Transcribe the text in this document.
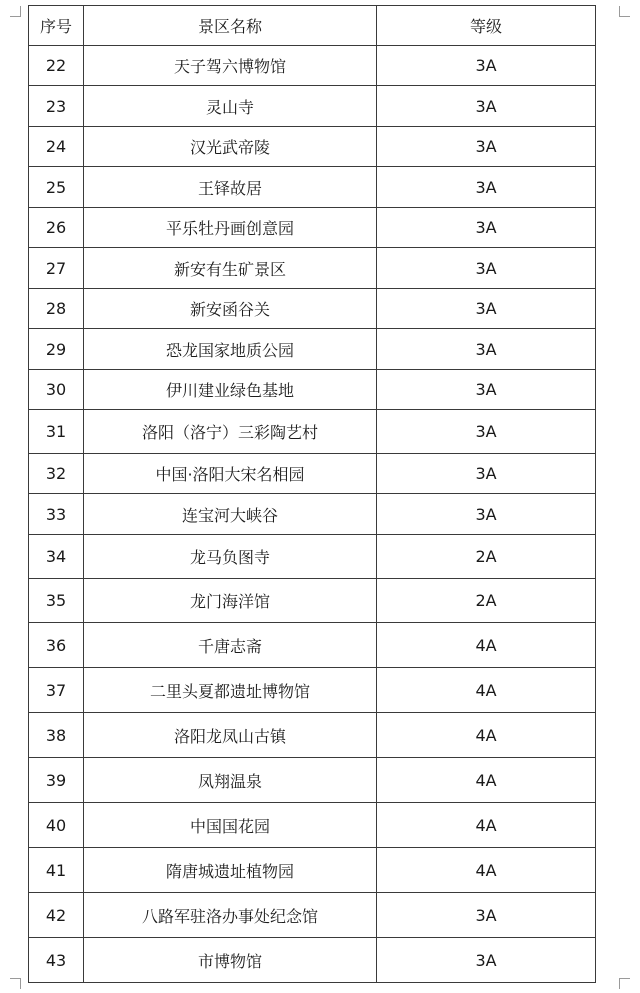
序号	景区名称	等级
22	天子驾六博物馆	3A
23	灵山寺	3A
24	汉光武帝陵	3A
25	王铎故居	3A
26	平乐牡丹画创意园	3A
27	新安有生矿景区	3A
28	新安函谷关	3A
29	恐龙国家地质公园	3A
30	伊川建业绿色基地	3A
31	洛阳（洛宁）三彩陶艺村	3A
32	中国·洛阳大宋名相园	3A
33	连宝河大峡谷	3A
34	龙马负图寺	2A
35	龙门海洋馆	2A
36	千唐志斋	4A
37	二里头夏都遗址博物馆	4A
38	洛阳龙凤山古镇	4A
39	凤翔温泉	4A
40	中国国花园	4A
41	隋唐城遗址植物园	4A
42	八路军驻洛办事处纪念馆	3A
43	市博物馆	3A
